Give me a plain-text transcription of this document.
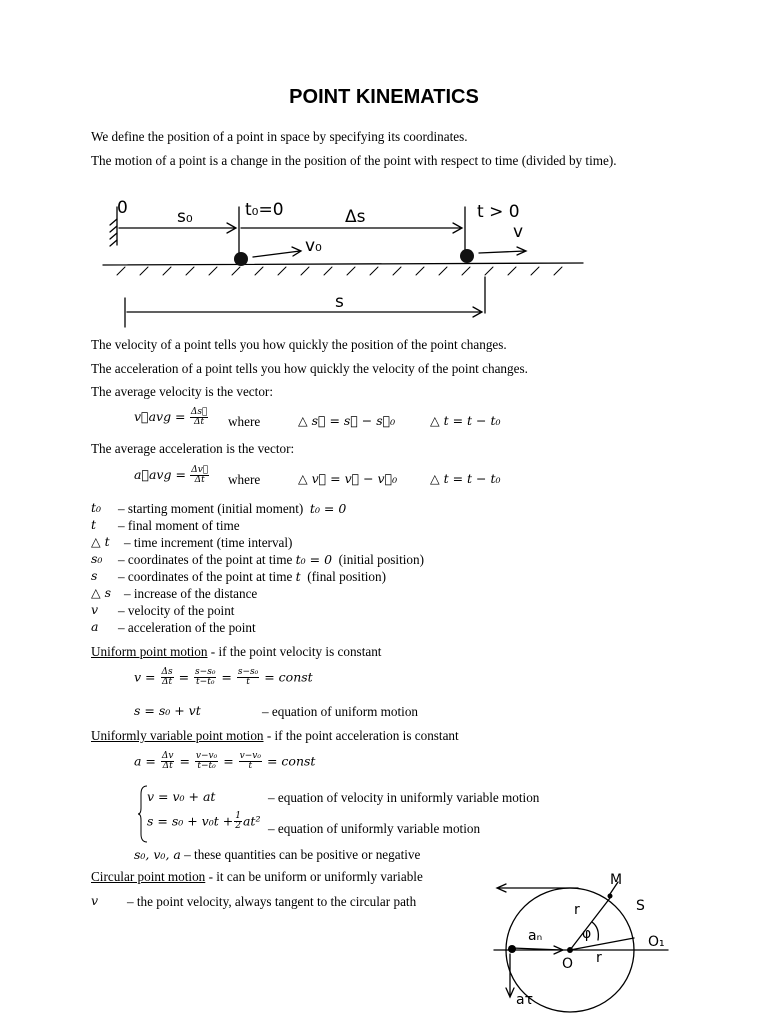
POINT KINEMATICS
We define the position of a point in space by specifying its coordinates.
The motion of a point is a change in the position of the point with respect to time (divided by time).
0	s₀	t₀=0	Δs	t > 0
v₀
v
s
The velocity of a point tells you how quickly the position of the point changes.
The acceleration of a point tells you how quickly the velocity of the point changes.
The average velocity is the vector:
v⃗avg = $\frac{\Delta s⃗}{\Delta t}$ where	△ s⃗ = s⃗ − s⃗₀	△ t = t − t₀
The average acceleration is the vector:
a⃗avg = $\frac{\Delta v⃗}{\Delta t}$ where	△ v⃗ = v⃗ − v⃗₀	△ t = t − t₀
t₀ – starting moment (initial moment) t₀ = 0
t – final moment of time
△ t – time increment (time interval)
s₀ – coordinates of the point at time t₀ = 0 (initial position)
s – coordinates of the point at time t (final position)
△ s – increase of the distance
v – velocity of the point
a – acceleration of the point
Uniform point motion - if the point velocity is constant
$v = \frac{\Delta s}{\Delta t} = \frac{\text{s−s₀}}{\text{t−t₀}} = \frac{\text{s−s₀}}{t}$ = const
s = s₀ + vt	– equation of uniform motion
Uniformly variable point motion - if the point acceleration is constant
$a = \frac{\Delta v}{\Delta t} = \frac{\text{v−v₀}}{\text{t−t₀}} = \frac{\text{v−v₀}}{t}$ = const
v = v₀ + at	– equation of velocity in uniformly variable motion
$s = s_0 + v_0t + \frac{1}{2} at^2$
– equation of uniformly variable motion
s₀, v₀, a – these quantities can be positive or negative
Circular point motion - it can be uniform or uniformly variable
v – the point velocity, always tangent to the circular path
M
S
r
r
φ
O
O₁
aₙ
aτ
